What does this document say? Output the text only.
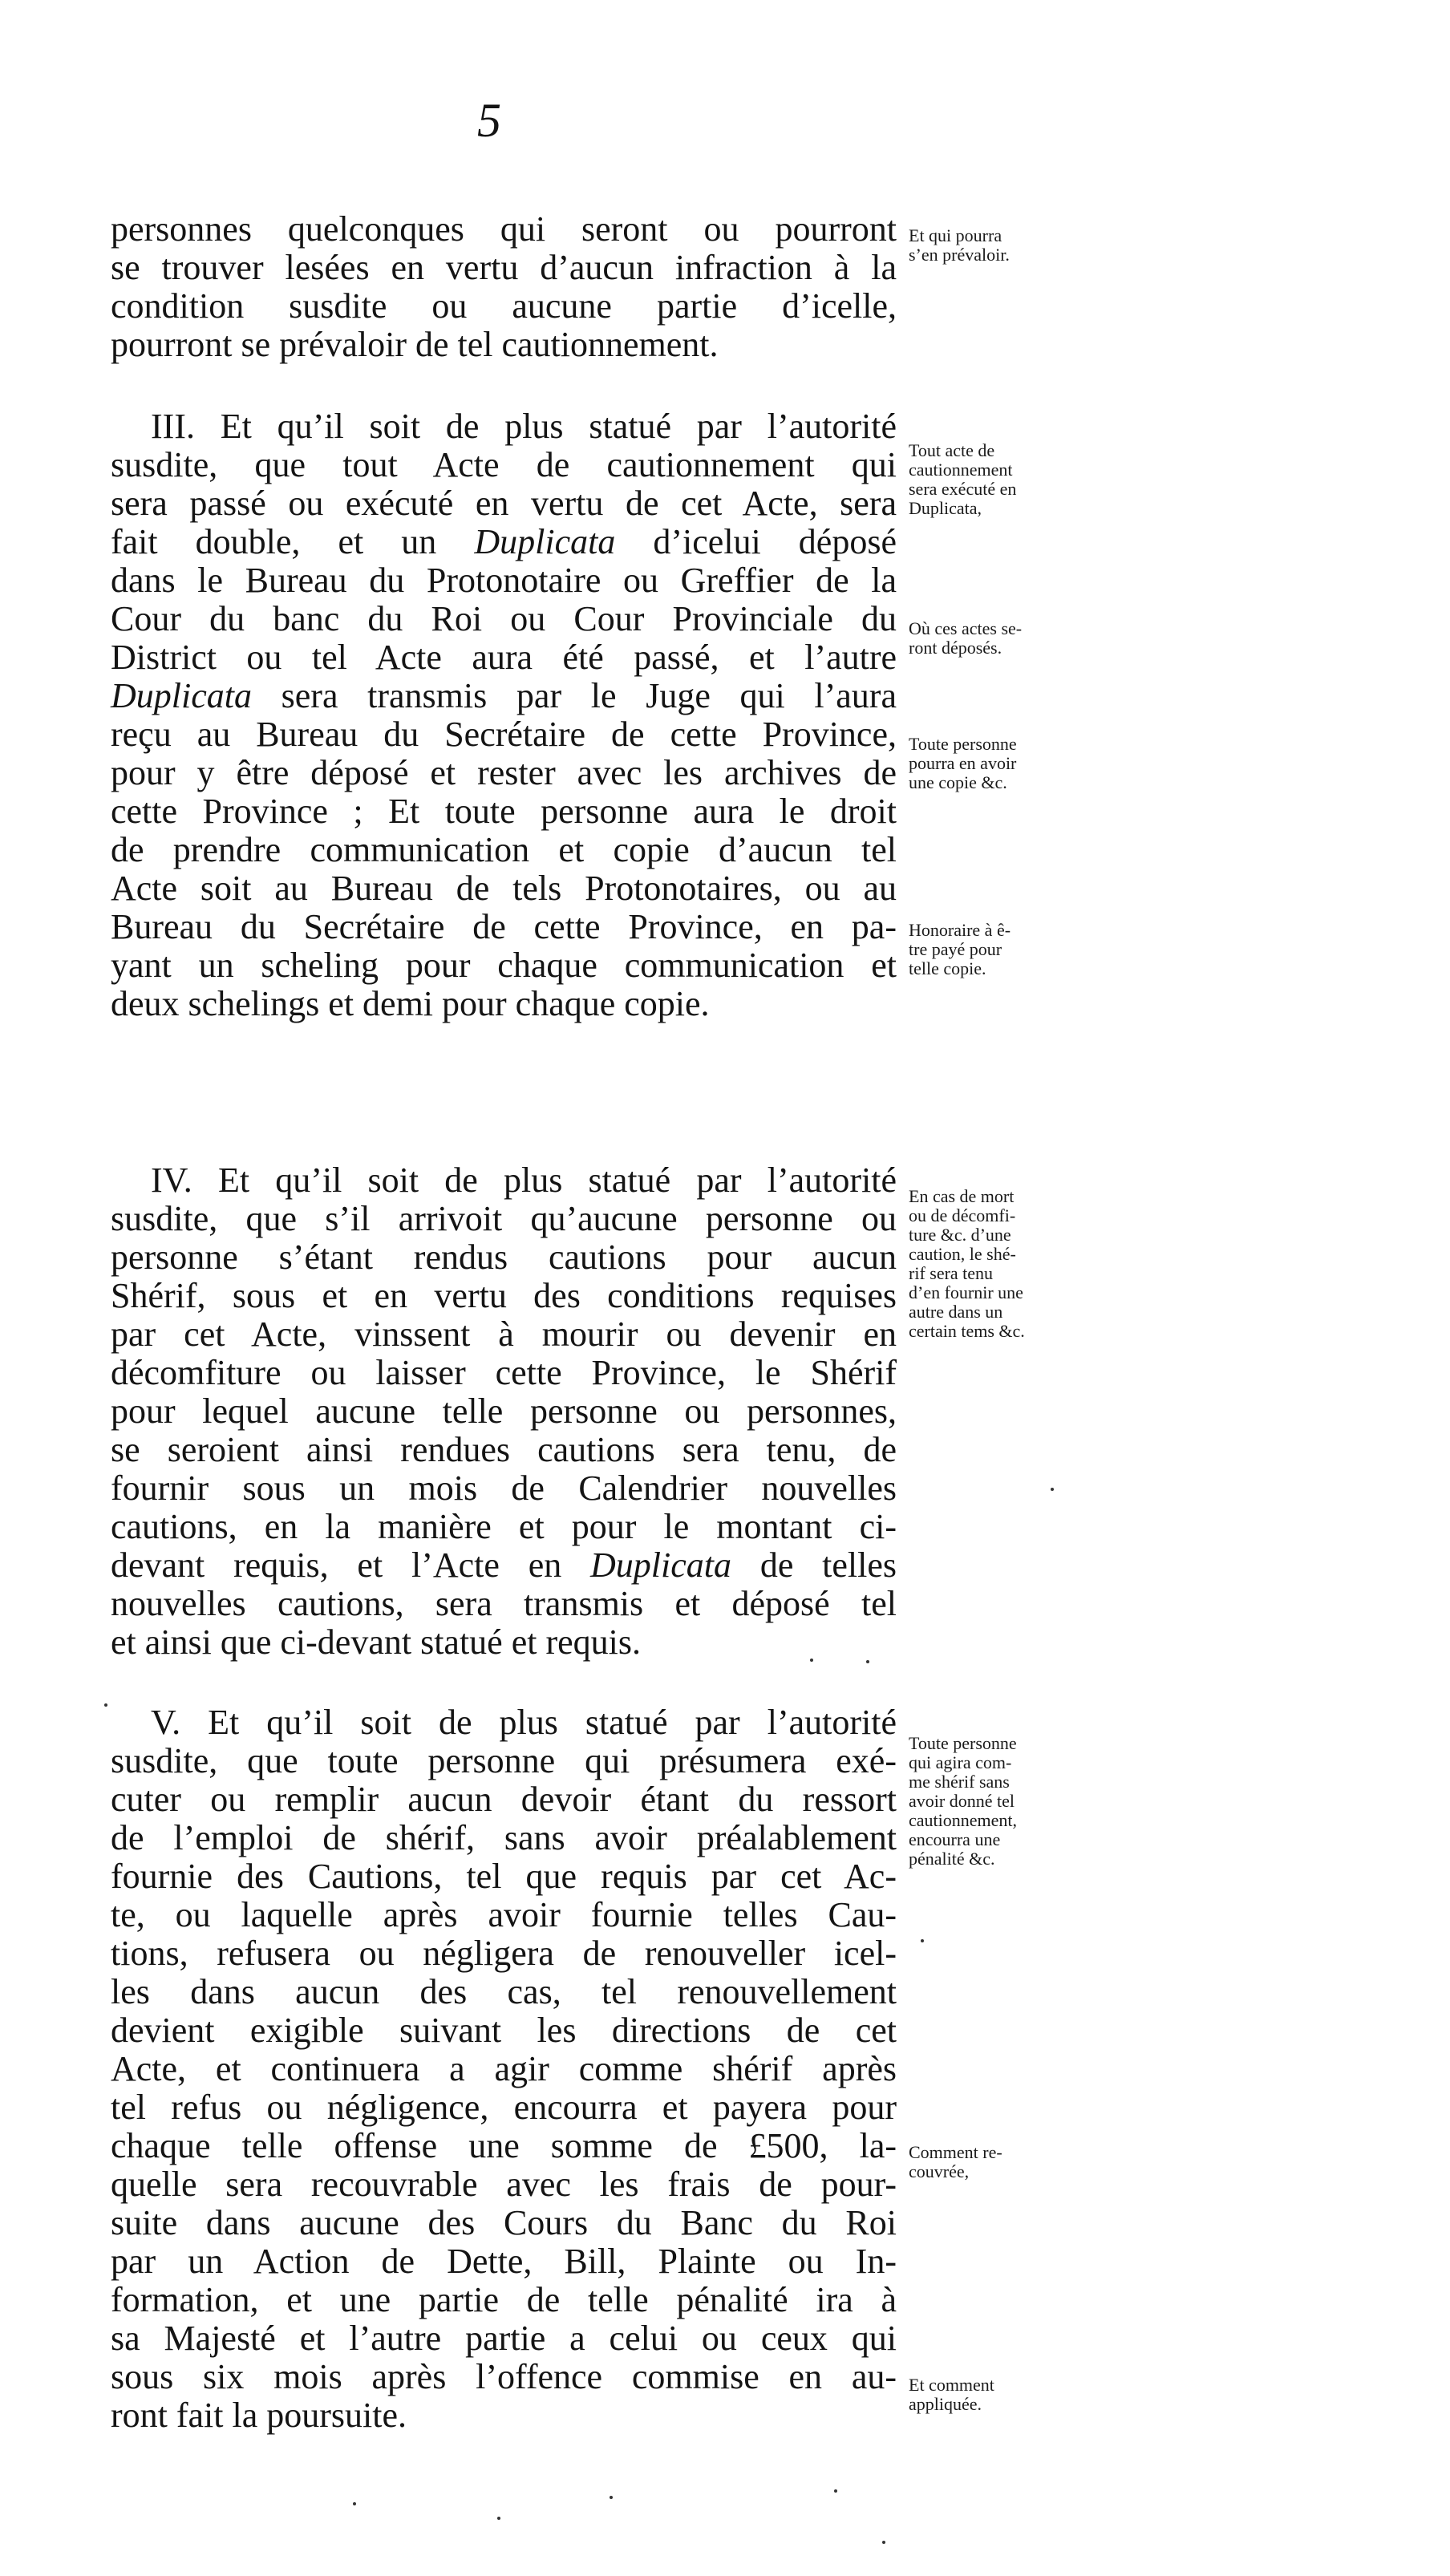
5
personnes quelconques qui seront ou pourront
se trouver lesées en vertu d’aucun infraction à la
condition susdite ou aucune partie d’icelle,
pourront se prévaloir de tel cautionnement.
III. Et qu’il soit de plus statué par l’autorité
susdite, que tout Acte de cautionnement qui
sera passé ou exécuté en vertu de cet Acte, sera
fait double, et un Duplicata d’icelui déposé
dans le Bureau du Protonotaire ou Greffier de la
Cour du banc du Roi ou Cour Provinciale du
District ou tel Acte aura été passé, et l’autre
Duplicata sera transmis par le Juge qui l’aura
reçu au Bureau du Secrétaire de cette Province,
pour y être déposé et rester avec les archives de
cette Province ; Et toute personne aura le droit
de prendre communication et copie d’aucun tel
Acte soit au Bureau de tels Protonotaires, ou au
Bureau du Secrétaire de cette Province, en pa-
yant un scheling pour chaque communication et
deux schelings et demi pour chaque copie.
IV. Et qu’il soit de plus statué par l’autorité
susdite, que s’il arrivoit qu’aucune personne ou
personne s’étant rendus cautions pour aucun
Shérif, sous et en vertu des conditions requises
par cet Acte, vinssent à mourir ou devenir en
décomfiture ou laisser cette Province, le Shérif
pour lequel aucune telle personne ou personnes,
se seroient ainsi rendues cautions sera tenu, de
fournir sous un mois de Calendrier nouvelles
cautions, en la manière et pour le montant ci-
devant requis, et l’Acte en Duplicata de telles
nouvelles cautions, sera transmis et déposé tel
et ainsi que ci-devant statué et requis.
V. Et qu’il soit de plus statué par l’autorité
susdite, que toute personne qui présumera exé-
cuter ou remplir aucun devoir étant du ressort
de l’emploi de shérif, sans avoir préalablement
fournie des Cautions, tel que requis par cet Ac-
te, ou laquelle après avoir fournie telles Cau-
tions, refusera ou négligera de renouveller icel-
les dans aucun des cas, tel renouvellement
devient exigible suivant les directions de cet
Acte, et continuera a agir comme shérif après
tel refus ou négligence, encourra et payera pour
chaque telle offense une somme de £500, la-
quelle sera recouvrable avec les frais de pour-
suite dans aucune des Cours du Banc du Roi
par un Action de Dette, Bill, Plainte ou In-
formation, et une partie de telle pénalité ira à
sa Majesté et l’autre partie a celui ou ceux qui
sous six mois après l’offence commise en au-
ront fait la poursuite.
Et qui pourra
s’en prévaloir.
Tout acte de
cautionnement
sera exécuté en
Duplicata,
Où ces actes se-
ront déposés.
Toute personne
pourra en avoir
une copie &c.
Honoraire à ê-
tre payé pour
telle copie.
En cas de mort
ou de décomfi-
ture &c. d’une
caution, le shé-
rif sera tenu
d’en fournir une
autre dans un
certain tems &c.
Toute personne
qui agira com-
me shérif sans
avoir donné tel
cautionnement,
encourra une
pénalité &c.
Comment re-
couvrée,
Et comment
appliquée.
